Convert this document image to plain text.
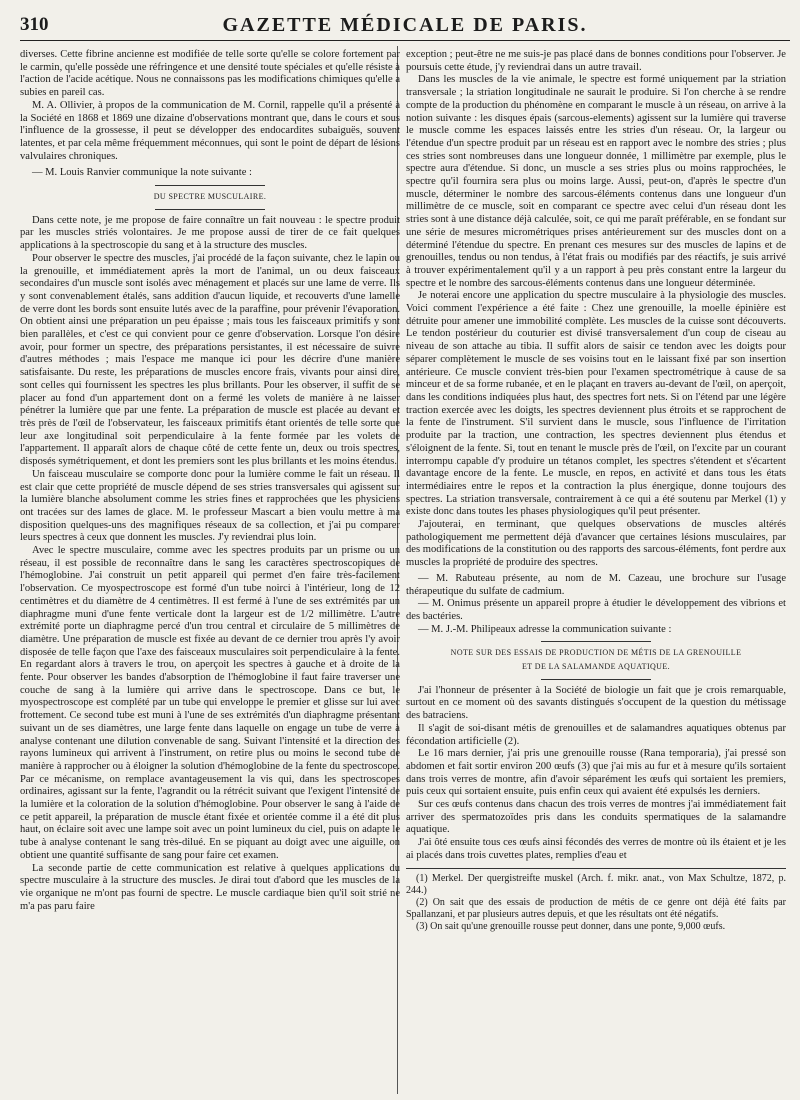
310	GAZETTE MÉDICALE DE PARIS.

diverses. Cette fibrine ancienne est modifiée de telle sorte qu'elle se colore fortement par le carmin, qu'elle possède une réfringence et une densité toute spéciales et qu'elle résiste à l'action de l'acide acétique. Nous ne connaissons pas les modifications chimiques qu'elle a subies en pareil cas.

M. A. Ollivier, à propos de la communication de M. Cornil, rappelle qu'il a présenté à la Société en 1868 et 1869 une dizaine d'observations montrant que, dans le cours et sous l'influence de la grossesse, il peut se développer des endocardites subaiguës, souvent latentes, et par cela même fréquemment méconnues, qui sont le point de départ de lésions valvulaires chroniques.

— M. Louis Ranvier communique la note suivante :

DU SPECTRE MUSCULAIRE.

Dans cette note, je me propose de faire connaître un fait nouveau : le spectre produit par les muscles striés volontaires. Je me propose aussi de tirer de ce fait quelques applications à la spectroscopie du sang et à la structure des muscles.

Pour observer le spectre des muscles, j'ai procédé de la façon suivante, chez le lapin ou la grenouille, et immédiatement après la mort de l'animal, un ou deux faisceaux secondaires d'un muscle sont isolés avec ménagement et placés sur une lame de verre. Ils y sont convenablement étalés, sans addition d'aucun liquide, et recouverts d'une lamelle de verre dont les bords sont ensuite lutés avec de la paraffine, pour prévenir l'évaporation. On obtient ainsi une préparation un peu épaisse ; mais tous les faisceaux primitifs y sont bien parallèles, et c'est ce qui convient pour ce genre d'observation. Lorsque l'on désire avoir, pour former un spectre, des préparations persistantes, il est nécessaire de suivre d'autres méthodes ; mais l'espace me manque ici pour les décrire d'une manière satisfaisante. Du reste, les préparations de muscles encore frais, vivants pour ainsi dire, sont celles qui fournissent les spectres les plus brillants. Pour les observer, il suffit de se placer au fond d'un appartement dont on a fermé les volets de manière à ne laisser pénétrer la lumière que par une fente. La préparation de muscle est placée au devant et très près de l'œil de l'observateur, les faisceaux primitifs étant orientés de telle sorte que leur axe longitudinal soit perpendiculaire à la fente formée par les volets de l'appartement. Il apparaît alors de chaque côté de cette fente un, deux ou trois spectres, disposés symétriquement, et dont les premiers sont les plus brillants et les moins étendus.

Un faisceau musculaire se comporte donc pour la lumière comme le fait un réseau. Il est clair que cette propriété de muscle dépend de ses stries transversales qui agissent sur la lumière blanche absolument comme les stries fines et rapprochées que les physiciens ont tracées sur des lames de glace. M. le professeur Mascart a bien voulu mettre à ma disposition quelques-uns des magnifiques réseaux de sa collection, et j'ai pu comparer leurs spectres à ceux que donnent les muscles. J'y reviendrai plus loin.

Avec le spectre musculaire, comme avec les spectres produits par un prisme ou un réseau, il est possible de reconnaître dans le sang les caractères spectroscopiques de l'hémoglobine. J'ai construit un petit appareil qui permet d'en faire très-facilement l'observation. Ce myospectroscope est formé d'un tube noirci à l'intérieur, long de 12 centimètres et du diamètre de 4 centimètres. Il est fermé à l'une de ses extrémités par un diaphragme muni d'une fente verticale dont la largeur est de 1/2 millimètre. L'autre extrémité porte un diaphragme percé d'un trou central et circulaire de 5 millimètres de diamètre. Une préparation de muscle est fixée au devant de ce dernier trou après l'y avoir disposée de telle façon que l'axe des faisceaux musculaires soit perpendiculaire à la fente. En regardant alors à travers le trou, on aperçoit les spectres à gauche et à droite de la fente. Pour observer les bandes d'absorption de l'hémoglobine il faut faire traverser une couche de sang à la lumière qui arrive dans le spectroscope. Dans ce but, le myospectroscope est complété par un tube qui enveloppe le premier et glisse sur lui avec frottement. Ce second tube est muni à l'une de ses extrémités d'un diaphragme présentant suivant un de ses diamètres, une large fente dans laquelle on engage un tube de verre à analyse contenant une dilution convenable de sang. Suivant l'intensité et la direction des rayons lumineux qui arrivent à l'instrument, on retire plus ou moins le second tube de manière à rapprocher ou à éloigner la solution d'hémoglobine de la fente du spectroscope. Par ce mécanisme, on remplace avantageusement la vis qui, dans les spectroscopes ordinaires, agissant sur la fente, l'agrandit ou la rétrécit suivant que l'exigent l'intensité de la lumière et la coloration de la solution d'hémoglobine. Pour observer le sang à l'aide de ce petit appareil, la préparation de muscle étant fixée et orientée comme il a été dit plus haut, on éclaire soit avec une lampe soit avec un point lumineux du ciel, puis on adapte le tube à analyse contenant le sang très-dilué. En se piquant au doigt avec une aiguille, on obtient une quantité suffisante de sang pour faire cet examen.

La seconde partie de cette communication est relative à quelques applications du spectre musculaire à la structure des muscles. Je dirai tout d'abord que les muscles de la vie organique ne m'ont pas fourni de spectre. Le muscle cardiaque bien qu'il soit strié ne m'a pas paru faire

exception ; peut-être ne me suis-je pas placé dans de bonnes conditions pour l'observer. Je poursuis cette étude, j'y reviendrai dans un autre travail.

Dans les muscles de la vie animale, le spectre est formé uniquement par la striation transversale ; la striation longitudinale ne saurait le produire. Si l'on cherche à se rendre compte de la production du phénomène en comparant le muscle à un réseau, on arrive à la notion suivante : les disques épais (sarcous-elements) agissent sur la lumière qui traverse le muscle comme les espaces laissés entre les stries d'un réseau. Or, la largeur ou l'étendue d'un spectre produit par un réseau est en rapport avec le nombre des stries ; plus ces stries sont nombreuses dans une longueur donnée, 1 millimètre par exemple, plus le spectre aura d'étendue. Si donc, un muscle a ses stries plus ou moins rapprochées, le spectre qu'il fournira sera plus ou moins large. Aussi, peut-on, d'après le spectre d'un muscle, déterminer le nombre des sarcous-éléments contenus dans une longueur d'un millimètre de ce muscle, soit en comparant ce spectre avec celui d'un réseau dont les stries sont à une distance déjà calculée, soit, ce qui me paraît préférable, en se fondant sur une série de mesures micrométriques prises antérieurement sur des muscles dont on a déterminé l'étendue du spectre. En prenant ces mesures sur des muscles de lapins et de grenouilles, tendus ou non tendus, à l'état frais ou modifiés par des réactifs, je suis arrivé à trouver expérimentalement qu'il y a un rapport à peu près constant entre la largeur du spectre et le nombre des sarcous-éléments contenus dans une longueur déterminée.

Je noterai encore une application du spectre musculaire à la physiologie des muscles. Voici comment l'expérience a été faite : Chez une grenouille, la moelle épinière est détruite pour amener une immobilité complète. Les muscles de la cuisse sont découverts. Le tendon postérieur du couturier est divisé transversalement d'un coup de ciseau au niveau de son attache au tibia. Il suffit alors de saisir ce tendon avec les doigts pour séparer complètement le muscle de ses voisins tout en le laissant fixé par son insertion antérieure. Ce muscle convient très-bien pour l'examen spectrométrique à cause de sa minceur et de sa forme rubanée, et en le plaçant en travers au-devant de l'œil, on aperçoit, dans les conditions indiquées plus haut, des spectres fort nets. Si on l'étend par une légère traction exercée avec les doigts, les spectres deviennent plus étroits et se rapprochent de la fente de l'instrument. S'il survient dans le muscle, sous l'influence de l'irritation produite par la traction, une contraction, les spectres deviennent plus étendus et s'éloignent de la fente. Si, tout en tenant le muscle près de l'œil, on l'excite par un courant interrompu capable d'y produire un tétanos complet, les spectres s'étendent et s'écartent davantage encore de la fente. Le muscle, en repos, en activité et dans tous les états intermédiaires entre le repos et la contraction la plus énergique, donne toujours des spectres. La striation transversale, contrairement à ce qui a été soutenu par Merkel (1) y existe donc dans toutes les phases physiologiques qu'il peut présenter.

J'ajouterai, en terminant, que quelques observations de muscles altérés pathologiquement me permettent déjà d'avancer que certaines lésions musculaires, par des modifications de la constitution ou des rapports des sarcous-éléments, font perdre aux muscles la propriété de produire des spectres.

— M. Rabuteau présente, au nom de M. Cazeau, une brochure sur l'usage thérapeutique du sulfate de cadmium.

— M. Onimus présente un appareil propre à étudier le développement des vibrions et des bactéries.

— M. J.-M. Philipeaux adresse la communication suivante :

NOTE SUR DES ESSAIS DE PRODUCTION DE MÉTIS DE LA GRENOUILLE
ET DE LA SALAMANDE AQUATIQUE.

J'ai l'honneur de présenter à la Société de biologie un fait que je crois remarquable, surtout en ce moment où des savants distingués s'occupent de la question du métissage des batraciens.

Il s'agit de soi-disant métis de grenouilles et de salamandres aquatiques obtenus par fécondation artificielle (2).

Le 16 mars dernier, j'ai pris une grenouille rousse (Rana temporaria), j'ai pressé son abdomen et fait sortir environ 200 œufs (3) que j'ai mis au fur et à mesure qu'ils sortaient dans trois verres de montre, afin d'avoir séparément les œufs qui sortaient les premiers, puis ceux qui sortaient ensuite, puis enfin ceux qui avaient été expulsés les derniers.

Sur ces œufs contenus dans chacun des trois verres de montres j'ai immédiatement fait arriver des spermatozoïdes pris dans les conduits spermatiques de la salamandre aquatique.

J'ai ôté ensuite tous ces œufs ainsi fécondés des verres de montre où ils étaient et je les ai placés dans trois cuvettes plates, remplies d'eau et

(1) Merkel. Der quergistreifte muskel (Arch. f. mikr. anat., von Max Schultze, 1872, p. 244.)

(2) On sait que des essais de production de métis de ce genre ont déjà été faits par Spallanzani, et par plusieurs autres depuis, et que les résultats ont été négatifs.

(3) On sait qu'une grenouille rousse peut donner, dans une ponte, 9,000 œufs.
